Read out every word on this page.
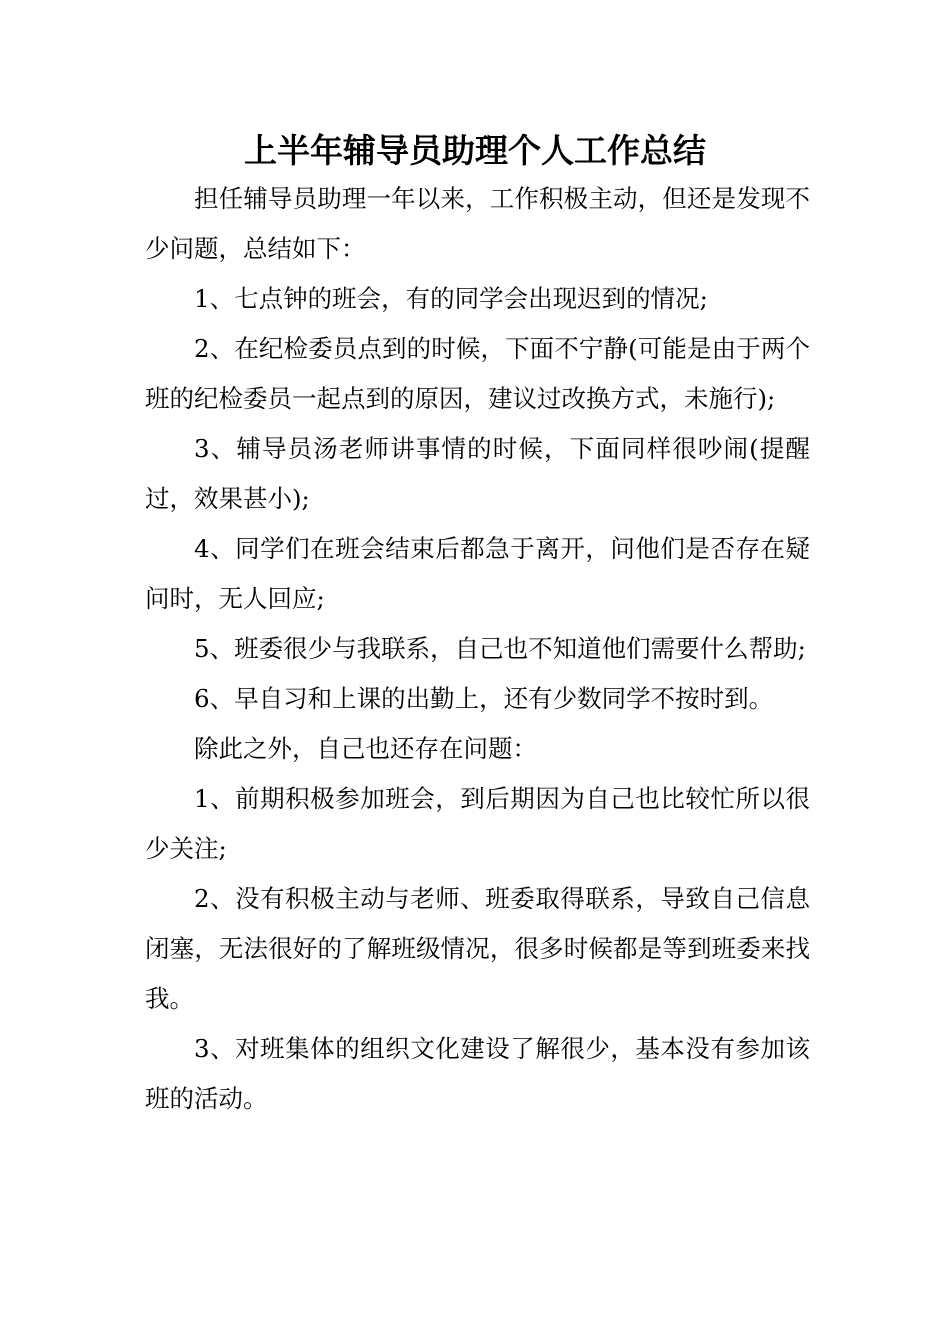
上半年辅导员助理个人工作总结

担任辅导员助理一年以来，工作积极主动，但还是发现不少问题，总结如下：

1、七点钟的班会，有的同学会出现迟到的情况;

2、在纪检委员点到的时候，下面不宁静(可能是由于两个班的纪检委员一起点到的原因，建议过改换方式，未施行);

3、辅导员汤老师讲事情的时候，下面同样很吵闹(提醒过，效果甚小);

4、同学们在班会结束后都急于离开，问他们是否存在疑问时，无人回应;

5、班委很少与我联系，自己也不知道他们需要什么帮助;

6、早自习和上课的出勤上，还有少数同学不按时到。

除此之外，自己也还存在问题：

1、前期积极参加班会，到后期因为自己也比较忙所以很少关注;

2、没有积极主动与老师、班委取得联系，导致自己信息闭塞，无法很好的了解班级情况，很多时候都是等到班委来找我。

3、对班集体的组织文化建设了解很少，基本没有参加该班的活动。
